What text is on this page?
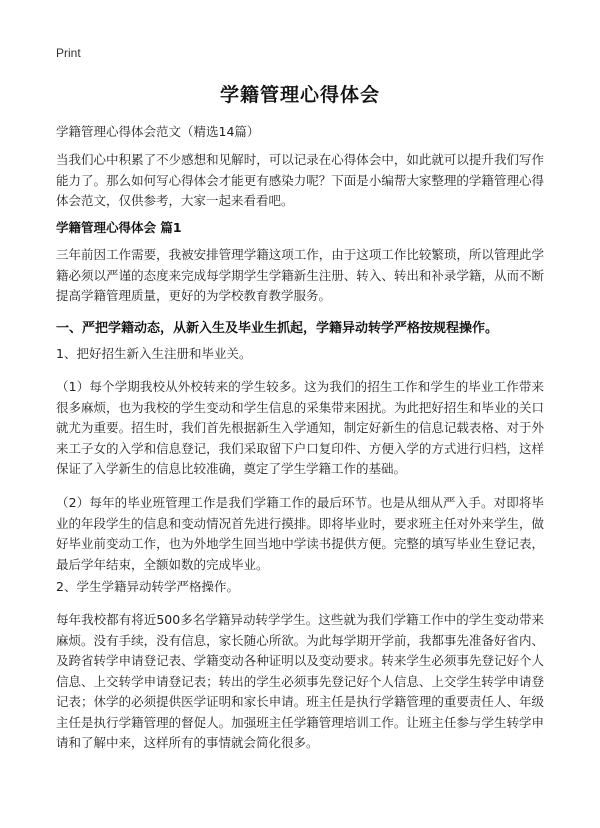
Print
学籍管理心得体会
学籍管理心得体会范文（精选14篇）

当我们心中积累了不少感想和见解时，可以记录在心得体会中，如此就可以提升我们写作能力了。那么如何写心得体会才能更有感染力呢？下面是小编帮大家整理的学籍管理心得体会范文，仅供参考，大家一起来看看吧。

学籍管理心得体会 篇1

三年前因工作需要，我被安排管理学籍这项工作，由于这项工作比较繁琐，所以管理此学籍必须以严谨的态度来完成每学期学生学籍新生注册、转入、转出和补录学籍，从而不断提高学籍管理质量，更好的为学校教育教学服务。

一、严把学籍动态，从新入生及毕业生抓起，学籍异动转学严格按规程操作。
1、把好招生新入生注册和毕业关。

（1）每个学期我校从外校转来的学生较多。这为我们的招生工作和学生的毕业工作带来很多麻烦，也为我校的学生变动和学生信息的采集带来困扰。为此把好招生和毕业的关口就尤为重要。招生时，我们首先根据新生入学通知，制定好新生的信息记载表格、对于外来工子女的入学和信息登记，我们采取留下户口复印件、方便入学的方式进行归档，这样保证了入学新生的信息比较准确，奠定了学生学籍工作的基础。

（2）每年的毕业班管理工作是我们学籍工作的最后环节。也是从细从严入手。对即将毕业的年段学生的信息和变动情况首先进行摸排。即将毕业时，要求班主任对外来学生，做好毕业前变动工作，也为外地学生回当地中学读书提供方便。完整的填写毕业生登记表，最后学年结束，全额如数的完成毕业。

2、学生学籍异动转学严格操作。

每年我校都有将近500多名学籍异动转学学生。这些就为我们学籍工作中的学生变动带来麻烦。没有手续，没有信息，家长随心所欲。为此每学期开学前，我都事先准备好省内、及跨省转学申请登记表、学籍变动各种证明以及变动要求。转来学生必须事先登记好个人信息、上交转学申请登记表；转出的学生必须事先登记好个人信息、上交学生转学申请登记表；休学的必须提供医学证明和家长申请。班主任是执行学籍管理的重要责任人、年级主任是执行学籍管理的督促人。加强班主任学籍管理培训工作。让班主任参与学生转学申请和了解中来，这样所有的事情就会简化很多。
